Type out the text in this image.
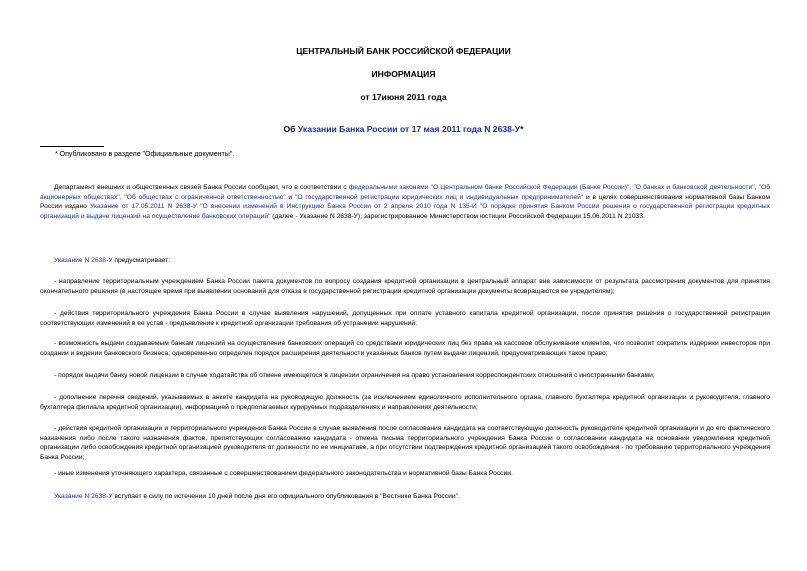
ЦЕНТРАЛЬНЫЙ БАНК РОССИЙСКОЙ ФЕДЕРАЦИИ
ИНФОРМАЦИЯ
от 17июня 2011 года
Об Указании Банка России от 17 мая 2011 года N 2638-У*
* Опубликовано в разделе "Официальные документы".

Департамент внешних и общественных связей Банка России сообщает, что в соответствии с федеральными законами "О Центральном банке Российской Федерации (Банке России)", "О банках и банковской деятельности", "Об акционерных обществах", "Об обществах с ограниченной ответственностью" и "О государственной регистрации юридических лиц и индивидуальных предпринимателей" и в целях совершенствования нормативной базы Банком России издано Указание от 17.05.2011 N 2638-У "О внесении изменений в Инструкцию Банка России от 2 апреля 2010 года N 135-И "О порядке принятия Банком России решения о государственной регистрации кредитных организаций и выдаче лицензий на осуществление банковских операций" (далее - Указание N 2638-У), зарегистрированное Министерством юстиции Российской Федерации 15.06.2011 N 21033.

Указание N 2638-У предусматривает:

- направление территориальным учреждением Банка России пакета документов по вопросу создания кредитной организации в центральный аппарат вне зависимости от результата рассмотрения документов для принятия окончательного решения (в настоящее время при выявлении оснований для отказа в государственной регистрации кредитной организации документы возвращаются ее учредителям);

- действия территориального учреждения Банка России в случае выявления нарушений, допущенных при оплате уставного капитала кредитной организации, после принятия решения о государственной регистрации соответствующих изменений в ее устав - предъявление к кредитной организации требования об устранении нарушений;

- возможность выдачи создаваемым банкам лицензий на осуществление банковских операций со средствами юридических лиц без права на кассовое обслуживание клиентов, что позволит сократить издержки инвесторов при создании и ведении банковского бизнеса; одновременно определен порядок расширения деятельности указанных банков путем выдачи лицензий, предусматривающих такое право;

- порядок выдачи банку новой лицензии в случае ходатайства об отмене имеющегося в лицензии ограничения на право установления корреспондентских отношений с иностранными банками;

- дополнение перечня сведений, указываемых в анкете кандидата на руководящую должность (за исключением единоличного исполнительного органа, главного бухгалтера кредитной организации и руководителя, главного бухгалтера филиала кредитной организации), информацией о предполагаемых курируемых подразделениях и направлениях деятельности;

- действия кредитной организации и территориального учреждения Банка России в случае выявления после согласования кандидата на соответствующую должность руководителя кредитной организации и до его фактического назначения либо после такого назначения фактов, препятствующих согласованию кандидата - отмена письма территориального учреждения Банка России о согласовании кандидата на основании уведомления кредитной организации либо освобождения кредитной организацией руководителя от должности по ее инициативе, а при отсутствии подтверждения кредитной организацией такого освобождения - по требованию территориального учреждения Банка России;

- иные изменения уточняющего характера, связанные с совершенствованием федерального законодательства и нормативной базы Банка России.

Указание N 2638-У вступает в силу по истечении 10 дней после дня его официального опубликования в "Вестнике Банка России".
